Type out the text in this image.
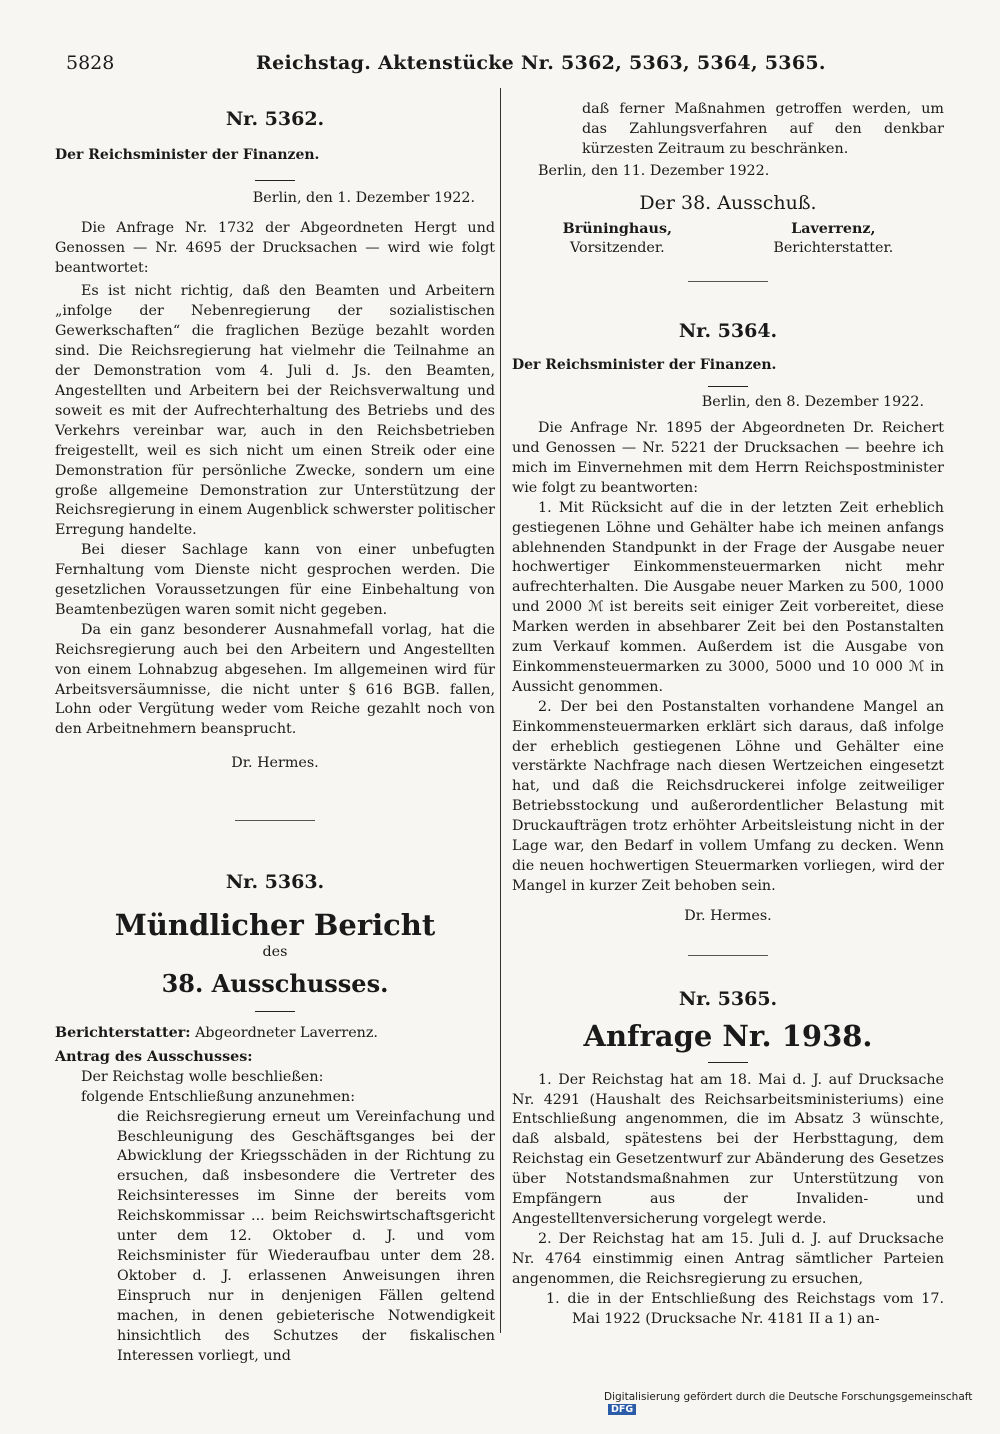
5828	Reichstag. Aktenstücke Nr. 5362, 5363, 5364, 5365.

Nr. 5362.

Der Reichsminister der Finanzen.

Berlin, den 1. Dezember 1922.

Die Anfrage Nr. 1732 der Abgeordneten Hergt und Genossen — Nr. 4695 der Drucksachen — wird wie folgt beantwortet:

Es ist nicht richtig, daß den Beamten und Arbeitern „infolge der Nebenregierung der sozialistischen Gewerkschaften“ die fraglichen Bezüge bezahlt worden sind. Die Reichsregierung hat vielmehr die Teilnahme an der Demonstration vom 4. Juli d. Js. den Beamten, Angestellten und Arbeitern bei der Reichsverwaltung und soweit es mit der Aufrechterhaltung des Betriebs und des Verkehrs vereinbar war, auch in den Reichsbetrieben freigestellt, weil es sich nicht um einen Streik oder eine Demonstration für persönliche Zwecke, sondern um eine große allgemeine Demonstration zur Unterstützung der Reichsregierung in einem Augenblick schwerster politischer Erregung handelte.

Bei dieser Sachlage kann von einer unbefugten Fernhaltung vom Dienste nicht gesprochen werden. Die gesetzlichen Voraussetzungen für eine Einbehaltung von Beamtenbezügen waren somit nicht gegeben.

Da ein ganz besonderer Ausnahmefall vorlag, hat die Reichsregierung auch bei den Arbeitern und Angestellten von einem Lohnabzug abgesehen. Im allgemeinen wird für Arbeitsversäumnisse, die nicht unter § 616 BGB. fallen, Lohn oder Vergütung weder vom Reiche gezahlt noch von den Arbeitnehmern beansprucht.

Dr. Hermes.

Nr. 5363.

Mündlicher Bericht

des

38. Ausschusses.

Berichterstatter: Abgeordneter Laverrenz.

Antrag des Ausschusses:

Der Reichstag wolle beschließen:

folgende Entschließung anzunehmen:

die Reichsregierung erneut um Vereinfachung und Beschleunigung des Geschäftsganges bei der Abwicklung der Kriegsschäden in der Richtung zu ersuchen, daß insbesondere die Vertreter des Reichsinteresses im Sinne der bereits vom Reichskommissar ... beim Reichswirtschaftsgericht unter dem 12. Oktober d. J. und vom Reichsminister für Wiederaufbau unter dem 28. Oktober d. J. erlassenen Anweisungen ihren Einspruch nur in denjenigen Fällen geltend machen, in denen gebieterische Notwendigkeit hinsichtlich des Schutzes der fiskalischen Interessen vorliegt, und

daß ferner Maßnahmen getroffen werden, um das Zahlungsverfahren auf den denkbar kürzesten Zeitraum zu beschränken.

Berlin, den 11. Dezember 1922.

Der 38. Ausschuß.

Brüninghaus,
Vorsitzender.
Laverrenz,
Berichterstatter.

Nr. 5364.

Der Reichsminister der Finanzen.

Berlin, den 8. Dezember 1922.

Die Anfrage Nr. 1895 der Abgeordneten Dr. Reichert und Genossen — Nr. 5221 der Drucksachen — beehre ich mich im Einvernehmen mit dem Herrn Reichspostminister wie folgt zu beantworten:

1. Mit Rücksicht auf die in der letzten Zeit erheblich gestiegenen Löhne und Gehälter habe ich meinen anfangs ablehnenden Standpunkt in der Frage der Ausgabe neuer hochwertiger Einkommensteuermarken nicht mehr aufrechterhalten. Die Ausgabe neuer Marken zu 500, 1000 und 2000 ℳ ist bereits seit einiger Zeit vorbereitet, diese Marken werden in absehbarer Zeit bei den Postanstalten zum Verkauf kommen. Außerdem ist die Ausgabe von Einkommensteuermarken zu 3000, 5000 und 10 000 ℳ in Aussicht genommen.

2. Der bei den Postanstalten vorhandene Mangel an Einkommensteuermarken erklärt sich daraus, daß infolge der erheblich gestiegenen Löhne und Gehälter eine verstärkte Nachfrage nach diesen Wertzeichen eingesetzt hat, und daß die Reichsdruckerei infolge zeitweiliger Betriebsstockung und außerordentlicher Belastung mit Druckaufträgen trotz erhöhter Arbeitsleistung nicht in der Lage war, den Bedarf in vollem Umfang zu decken. Wenn die neuen hochwertigen Steuermarken vorliegen, wird der Mangel in kurzer Zeit behoben sein.

Dr. Hermes.

Nr. 5365.

Anfrage Nr. 1938.

1. Der Reichstag hat am 18. Mai d. J. auf Drucksache Nr. 4291 (Haushalt des Reichsarbeitsministeriums) eine Entschließung angenommen, die im Absatz 3 wünschte, daß alsbald, spätestens bei der Herbsttagung, dem Reichstag ein Gesetzentwurf zur Abänderung des Gesetzes über Notstandsmaßnahmen zur Unterstützung von Empfängern aus der Invaliden- und Angestelltenversicherung vorgelegt werde.

2. Der Reichstag hat am 15. Juli d. J. auf Drucksache Nr. 4764 einstimmig einen Antrag sämtlicher Parteien angenommen, die Reichsregierung zu ersuchen,

1. die in der Entschließung des Reichstags vom 17. Mai 1922 (Drucksache Nr. 4181 II a 1) an-

Digitalisierung gefördert durch die Deutsche ForschungsgemeinschaftDFG
